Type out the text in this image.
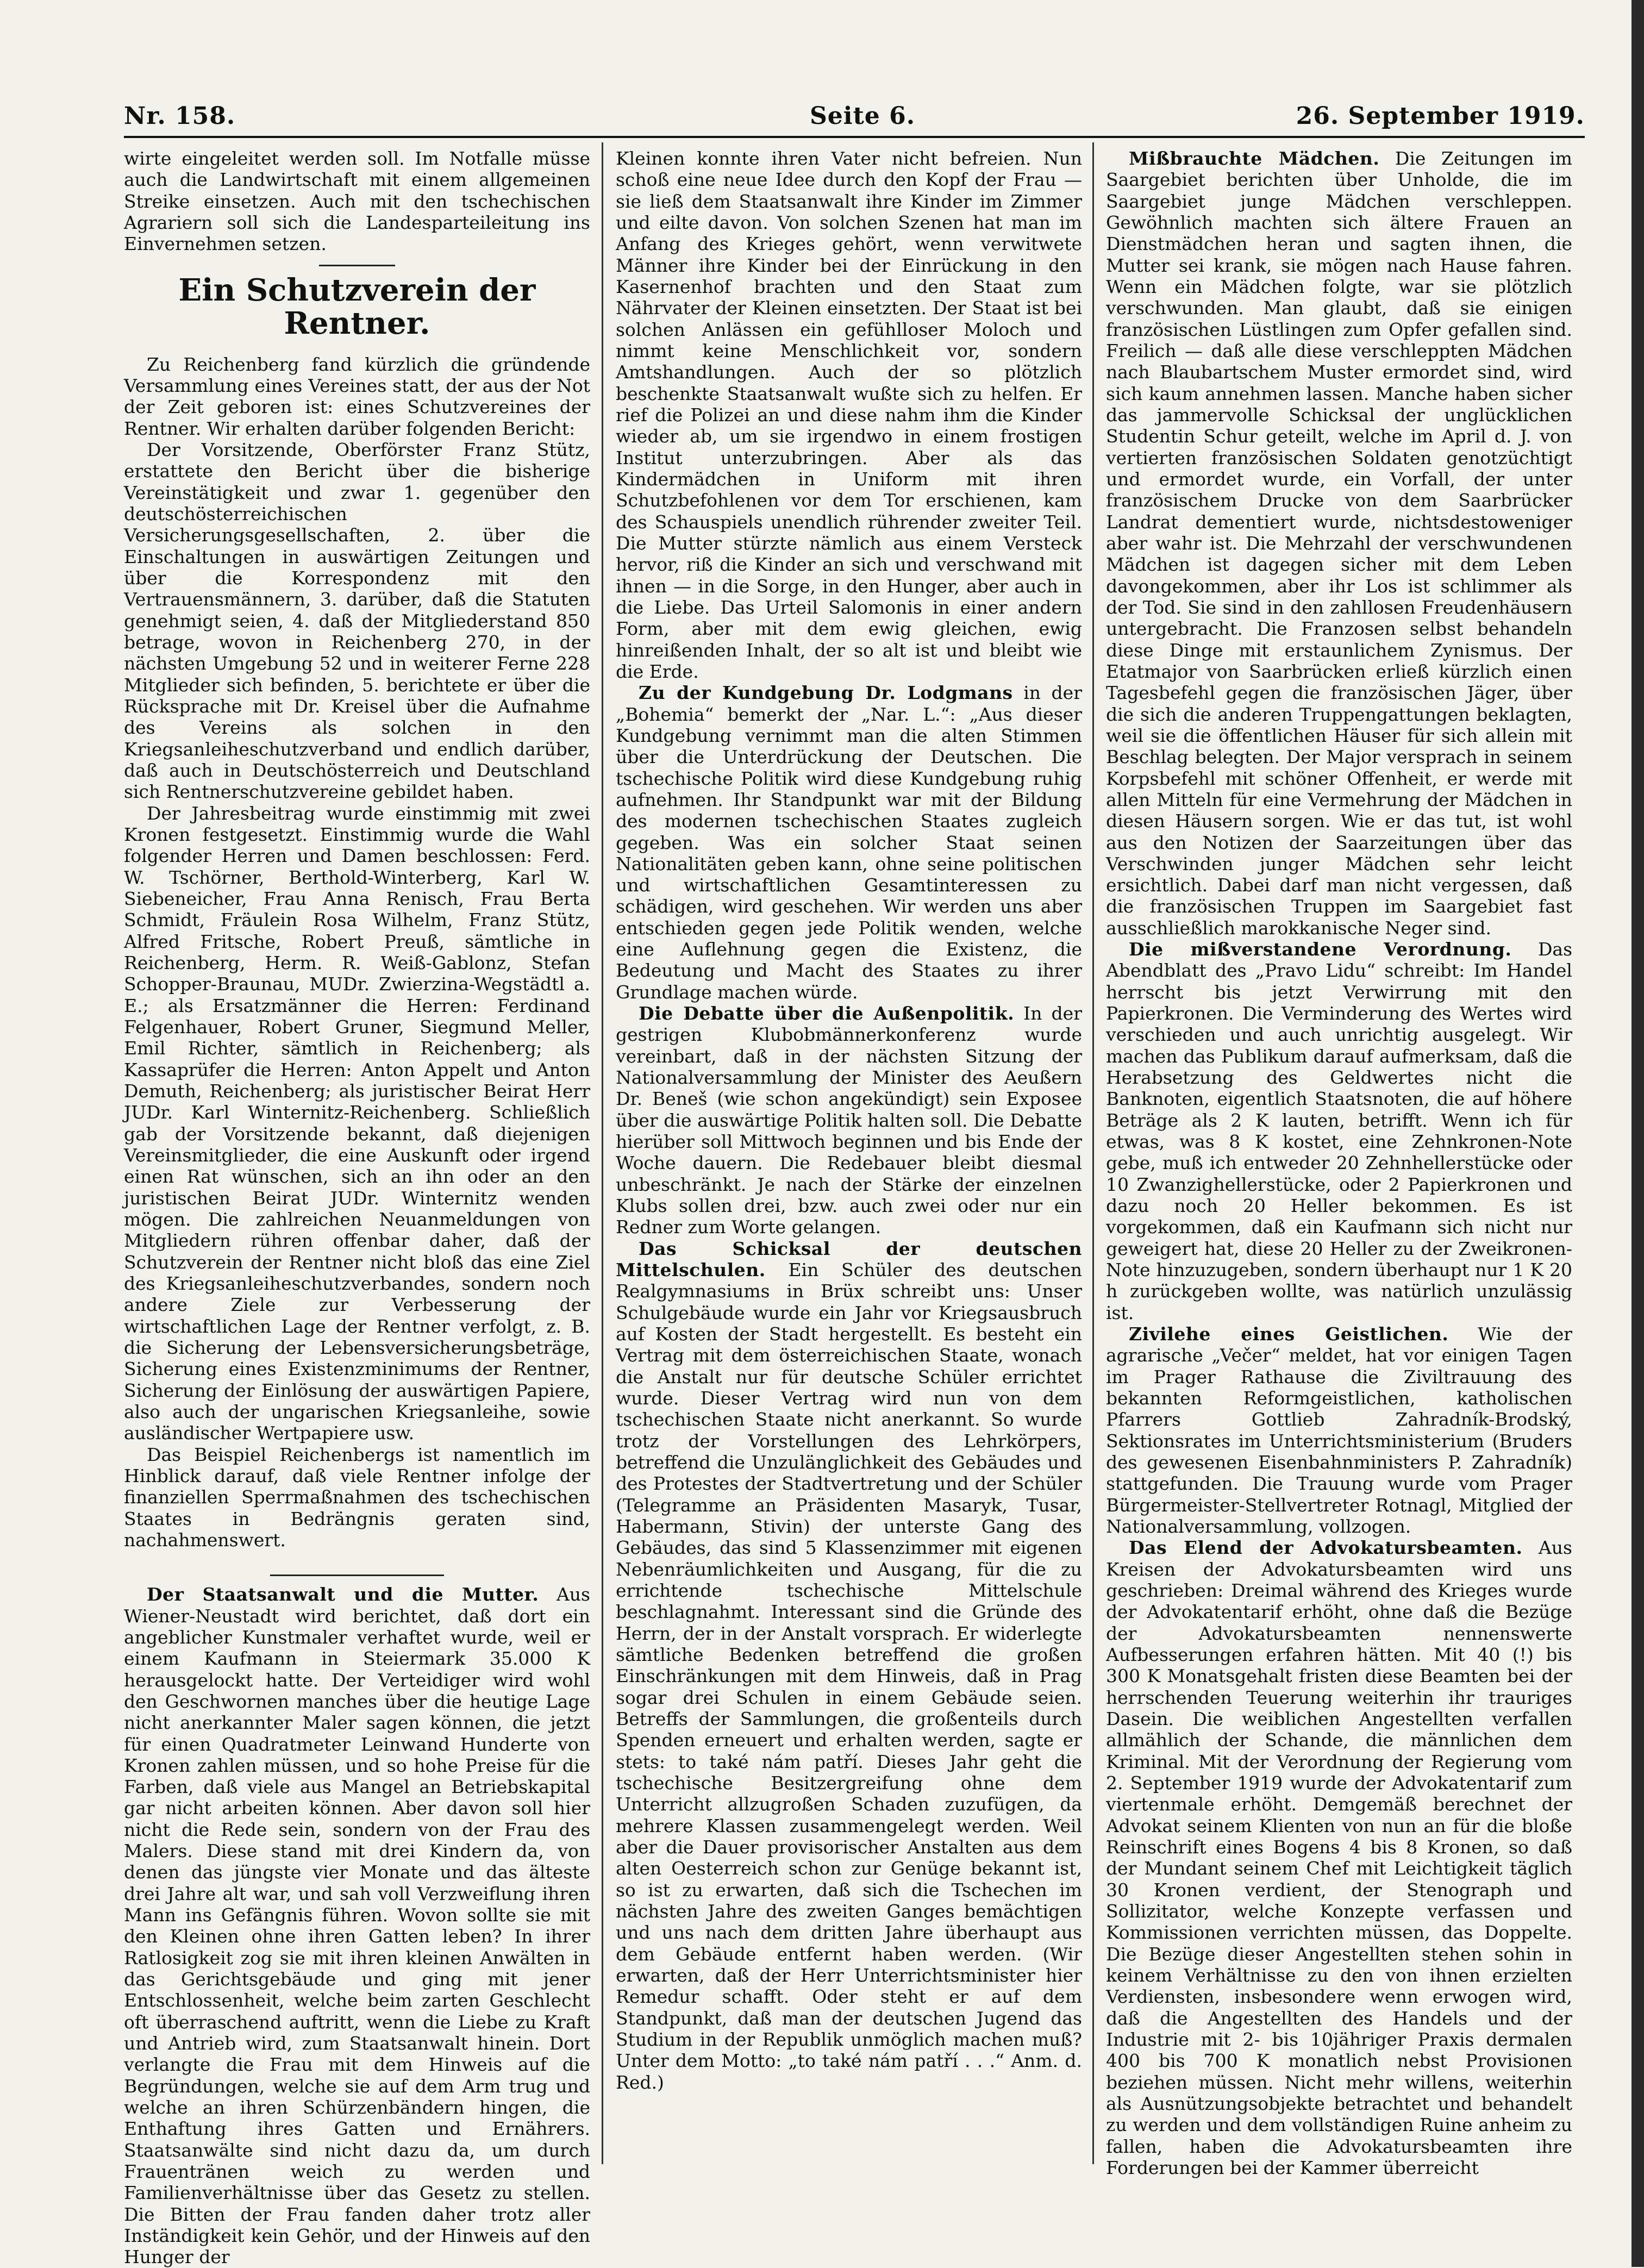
Nr. 158.	Seite 6.	26. September 1919.

wirte eingeleitet werden soll. Im Notfalle müsse auch die Landwirtschaft mit einem allgemeinen Streike einsetzen. Auch mit den tschechischen Agrariern soll sich die Landesparteileitung ins Einvernehmen setzen.

Ein Schutzverein der Rentner.

Zu Reichenberg fand kürzlich die gründende Versammlung eines Vereines statt, der aus der Not der Zeit geboren ist: eines Schutzvereines der Rentner. Wir erhalten darüber folgenden Bericht:

Der Vorsitzende, Oberförster Franz Stütz, erstattete den Bericht über die bisherige Vereinstätigkeit und zwar 1. gegenüber den deutschösterreichischen Versicherungsgesellschaften, 2. über die Einschaltungen in auswärtigen Zeitungen und über die Korrespondenz mit den Vertrauensmännern, 3. darüber, daß die Statuten genehmigt seien, 4. daß der Mitgliederstand 850 betrage, wovon in Reichenberg 270, in der nächsten Umgebung 52 und in weiterer Ferne 228 Mitglieder sich befinden, 5. berichtete er über die Rücksprache mit Dr. Kreisel über die Aufnahme des Vereins als solchen in den Kriegsanleiheschutzverband und endlich darüber, daß auch in Deutschösterreich und Deutschland sich Rentnerschutzvereine gebildet haben.

Der Jahresbeitrag wurde einstimmig mit zwei Kronen festgesetzt. Einstimmig wurde die Wahl folgender Herren und Damen beschlossen: Ferd. W. Tschörner, Berthold-Winterberg, Karl W. Siebeneicher, Frau Anna Renisch, Frau Berta Schmidt, Fräulein Rosa Wilhelm, Franz Stütz, Alfred Fritsche, Robert Preuß, sämtliche in Reichenberg, Herm. R. Weiß-Gablonz, Stefan Schopper-Braunau, MUDr. Zwierzina-Wegstädtl a. E.; als Ersatzmänner die Herren: Ferdinand Felgenhauer, Robert Gruner, Siegmund Meller, Emil Richter, sämtlich in Reichenberg; als Kassaprüfer die Herren: Anton Appelt und Anton Demuth, Reichenberg; als juristischer Beirat Herr JUDr. Karl Winternitz-Reichenberg. Schließlich gab der Vorsitzende bekannt, daß diejenigen Vereinsmitglieder, die eine Auskunft oder irgend einen Rat wünschen, sich an ihn oder an den juristischen Beirat JUDr. Winternitz wenden mögen. Die zahlreichen Neuanmeldungen von Mitgliedern rühren offenbar daher, daß der Schutzverein der Rentner nicht bloß das eine Ziel des Kriegsanleiheschutzverbandes, sondern noch andere Ziele zur Verbesserung der wirtschaftlichen Lage der Rentner verfolgt, z. B. die Sicherung der Lebensversicherungsbeträge, Sicherung eines Existenzminimums der Rentner, Sicherung der Einlösung der auswärtigen Papiere, also auch der ungarischen Kriegsanleihe, sowie ausländischer Wertpapiere usw.

Das Beispiel Reichenbergs ist namentlich im Hinblick darauf, daß viele Rentner infolge der finanziellen Sperrmaßnahmen des tschechischen Staates in Bedrängnis geraten sind, nachahmenswert.

Der Staatsanwalt und die Mutter. Aus Wiener-Neustadt wird berichtet, daß dort ein angeblicher Kunstmaler verhaftet wurde, weil er einem Kaufmann in Steiermark 35.000 K herausgelockt hatte. Der Verteidiger wird wohl den Geschwornen manches über die heutige Lage nicht anerkannter Maler sagen können, die jetzt für einen Quadratmeter Leinwand Hunderte von Kronen zahlen müssen, und so hohe Preise für die Farben, daß viele aus Mangel an Betriebskapital gar nicht arbeiten können. Aber davon soll hier nicht die Rede sein, sondern von der Frau des Malers. Diese stand mit drei Kindern da, von denen das jüngste vier Monate und das älteste drei Jahre alt war, und sah voll Verzweiflung ihren Mann ins Gefängnis führen. Wovon sollte sie mit den Kleinen ohne ihren Gatten leben? In ihrer Ratlosigkeit zog sie mit ihren kleinen Anwälten in das Gerichtsgebäude und ging mit jener Entschlossenheit, welche beim zarten Geschlecht oft überraschend auftritt, wenn die Liebe zu Kraft und Antrieb wird, zum Staatsanwalt hinein. Dort verlangte die Frau mit dem Hinweis auf die Begründungen, welche sie auf dem Arm trug und welche an ihren Schürzenbändern hingen, die Enthaftung ihres Gatten und Ernährers. Staatsanwälte sind nicht dazu da, um durch Frauentränen weich zu werden und Familienverhältnisse über das Gesetz zu stellen. Die Bitten der Frau fanden daher trotz aller Inständigkeit kein Gehör, und der Hinweis auf den Hunger der

Kleinen konnte ihren Vater nicht befreien. Nun schoß eine neue Idee durch den Kopf der Frau — sie ließ dem Staatsanwalt ihre Kinder im Zimmer und eilte davon. Von solchen Szenen hat man im Anfang des Krieges gehört, wenn verwitwete Männer ihre Kinder bei der Einrückung in den Kasernenhof brachten und den Staat zum Nährvater der Kleinen einsetzten. Der Staat ist bei solchen Anlässen ein gefühlloser Moloch und nimmt keine Menschlichkeit vor, sondern Amtshandlungen. Auch der so plötzlich beschenkte Staatsanwalt wußte sich zu helfen. Er rief die Polizei an und diese nahm ihm die Kinder wieder ab, um sie irgendwo in einem frostigen Institut unterzubringen. Aber als das Kindermädchen in Uniform mit ihren Schutzbefohlenen vor dem Tor erschienen, kam des Schauspiels unendlich rührender zweiter Teil. Die Mutter stürzte nämlich aus einem Versteck hervor, riß die Kinder an sich und verschwand mit ihnen — in die Sorge, in den Hunger, aber auch in die Liebe. Das Urteil Salomonis in einer andern Form, aber mit dem ewig gleichen, ewig hinreißenden Inhalt, der so alt ist und bleibt wie die Erde.

Zu der Kundgebung Dr. Lodgmans in der „Bohemia“ bemerkt der „Nar. L.“: „Aus dieser Kundgebung vernimmt man die alten Stimmen über die Unterdrückung der Deutschen. Die tschechische Politik wird diese Kundgebung ruhig aufnehmen. Ihr Standpunkt war mit der Bildung des modernen tschechischen Staates zugleich gegeben. Was ein solcher Staat seinen Nationalitäten geben kann, ohne seine politischen und wirtschaftlichen Gesamtinteressen zu schädigen, wird geschehen. Wir werden uns aber entschieden gegen jede Politik wenden, welche eine Auflehnung gegen die Existenz, die Bedeutung und Macht des Staates zu ihrer Grundlage machen würde.

Die Debatte über die Außenpolitik. In der gestrigen Klubobmännerkonferenz wurde vereinbart, daß in der nächsten Sitzung der Nationalversammlung der Minister des Aeußern Dr. Beneš (wie schon angekündigt) sein Exposee über die auswärtige Politik halten soll. Die Debatte hierüber soll Mittwoch beginnen und bis Ende der Woche dauern. Die Redebauer bleibt diesmal unbeschränkt. Je nach der Stärke der einzelnen Klubs sollen drei, bzw. auch zwei oder nur ein Redner zum Worte gelangen.

Das Schicksal der deutschen Mittelschulen. Ein Schüler des deutschen Realgymnasiums in Brüx schreibt uns: Unser Schulgebäude wurde ein Jahr vor Kriegsausbruch auf Kosten der Stadt hergestellt. Es besteht ein Vertrag mit dem österreichischen Staate, wonach die Anstalt nur für deutsche Schüler errichtet wurde. Dieser Vertrag wird nun von dem tschechischen Staate nicht anerkannt. So wurde trotz der Vorstellungen des Lehrkörpers, betreffend die Unzulänglichkeit des Gebäudes und des Protestes der Stadtvertretung und der Schüler (Telegramme an Präsidenten Masaryk, Tusar, Habermann, Stivin) der unterste Gang des Gebäudes, das sind 5 Klassenzimmer mit eigenen Nebenräumlichkeiten und Ausgang, für die zu errichtende tschechische Mittelschule beschlagnahmt. Interessant sind die Gründe des Herrn, der in der Anstalt vorsprach. Er widerlegte sämtliche Bedenken betreffend die großen Einschränkungen mit dem Hinweis, daß in Prag sogar drei Schulen in einem Gebäude seien. Betreffs der Sammlungen, die großenteils durch Spenden erneuert und erhalten werden, sagte er stets: to také nám patří. Dieses Jahr geht die tschechische Besitzergreifung ohne dem Unterricht allzugroßen Schaden zuzufügen, da mehrere Klassen zusammengelegt werden. Weil aber die Dauer provisorischer Anstalten aus dem alten Oesterreich schon zur Genüge bekannt ist, so ist zu erwarten, daß sich die Tschechen im nächsten Jahre des zweiten Ganges bemächtigen und uns nach dem dritten Jahre überhaupt aus dem Gebäude entfernt haben werden. (Wir erwarten, daß der Herr Unterrichtsminister hier Remedur schafft. Oder steht er auf dem Standpunkt, daß man der deutschen Jugend das Studium in der Republik unmöglich machen muß? Unter dem Motto: „to také nám patří . . .“ Anm. d. Red.)

Mißbrauchte Mädchen. Die Zeitungen im Saargebiet berichten über Unholde, die im Saargebiet junge Mädchen verschleppen. Gewöhnlich machten sich ältere Frauen an Dienstmädchen heran und sagten ihnen, die Mutter sei krank, sie mögen nach Hause fahren. Wenn ein Mädchen folgte, war sie plötzlich verschwunden. Man glaubt, daß sie einigen französischen Lüstlingen zum Opfer gefallen sind. Freilich — daß alle diese verschleppten Mädchen nach Blaubartschem Muster ermordet sind, wird sich kaum annehmen lassen. Manche haben sicher das jammervolle Schicksal der unglücklichen Studentin Schur geteilt, welche im April d. J. von vertierten französischen Soldaten genotzüchtigt und ermordet wurde, ein Vorfall, der unter französischem Drucke von dem Saarbrücker Landrat dementiert wurde, nichtsdestoweniger aber wahr ist. Die Mehrzahl der verschwundenen Mädchen ist dagegen sicher mit dem Leben davongekommen, aber ihr Los ist schlimmer als der Tod. Sie sind in den zahllosen Freudenhäusern untergebracht. Die Franzosen selbst behandeln diese Dinge mit erstaunlichem Zynismus. Der Etatmajor von Saarbrücken erließ kürzlich einen Tagesbefehl gegen die französischen Jäger, über die sich die anderen Truppengattungen beklagten, weil sie die öffentlichen Häuser für sich allein mit Beschlag belegten. Der Major versprach in seinem Korpsbefehl mit schöner Offenheit, er werde mit allen Mitteln für eine Vermehrung der Mädchen in diesen Häusern sorgen. Wie er das tut, ist wohl aus den Notizen der Saarzeitungen über das Verschwinden junger Mädchen sehr leicht ersichtlich. Dabei darf man nicht vergessen, daß die französischen Truppen im Saargebiet fast ausschließlich marokkanische Neger sind.

Die mißverstandene Verordnung. Das Abendblatt des „Pravo Lidu“ schreibt: Im Handel herrscht bis jetzt Verwirrung mit den Papierkronen. Die Verminderung des Wertes wird verschieden und auch unrichtig ausgelegt. Wir machen das Publikum darauf aufmerksam, daß die Herabsetzung des Geldwertes nicht die Banknoten, eigentlich Staatsnoten, die auf höhere Beträge als 2 K lauten, betrifft. Wenn ich für etwas, was 8 K kostet, eine Zehnkronen-Note gebe, muß ich entweder 20 Zehnhellerstücke oder 10 Zwanzighellerstücke, oder 2 Papierkronen und dazu noch 20 Heller bekommen. Es ist vorgekommen, daß ein Kaufmann sich nicht nur geweigert hat, diese 20 Heller zu der Zweikronen-Note hinzuzugeben, sondern überhaupt nur 1 K 20 h zurückgeben wollte, was natürlich unzulässig ist.

Zivilehe eines Geistlichen. Wie der agrarische „Večer“ meldet, hat vor einigen Tagen im Prager Rathause die Ziviltrauung des bekannten Reformgeistlichen, katholischen Pfarrers Gottlieb Zahradník-Brodský, Sektionsrates im Unterrichtsministerium (Bruders des gewesenen Eisenbahnministers P. Zahradník) stattgefunden. Die Trauung wurde vom Prager Bürgermeister-Stellvertreter Rotnagl, Mitglied der Nationalversammlung, vollzogen.

Das Elend der Advokatursbeamten. Aus Kreisen der Advokatursbeamten wird uns geschrieben: Dreimal während des Krieges wurde der Advokatentarif erhöht, ohne daß die Bezüge der Advokatursbeamten nennenswerte Aufbesserungen erfahren hätten. Mit 40 (!) bis 300 K Monatsgehalt fristen diese Beamten bei der herrschenden Teuerung weiterhin ihr trauriges Dasein. Die weiblichen Angestellten verfallen allmählich der Schande, die männlichen dem Kriminal. Mit der Verordnung der Regierung vom 2. September 1919 wurde der Advokatentarif zum viertenmale erhöht. Demgemäß berechnet der Advokat seinem Klienten von nun an für die bloße Reinschrift eines Bogens 4 bis 8 Kronen, so daß der Mundant seinem Chef mit Leichtigkeit täglich 30 Kronen verdient, der Stenograph und Sollizitator, welche Konzepte verfassen und Kommissionen verrichten müssen, das Doppelte. Die Bezüge dieser Angestellten stehen sohin in keinem Verhältnisse zu den von ihnen erzielten Verdiensten, insbesondere wenn erwogen wird, daß die Angestellten des Handels und der Industrie mit 2- bis 10jähriger Praxis dermalen 400 bis 700 K monatlich nebst Provisionen beziehen müssen. Nicht mehr willens, weiterhin als Ausnützungsobjekte betrachtet und behandelt zu werden und dem vollständigen Ruine anheim zu fallen, haben die Advokatursbeamten ihre Forderungen bei der Kammer überreicht
